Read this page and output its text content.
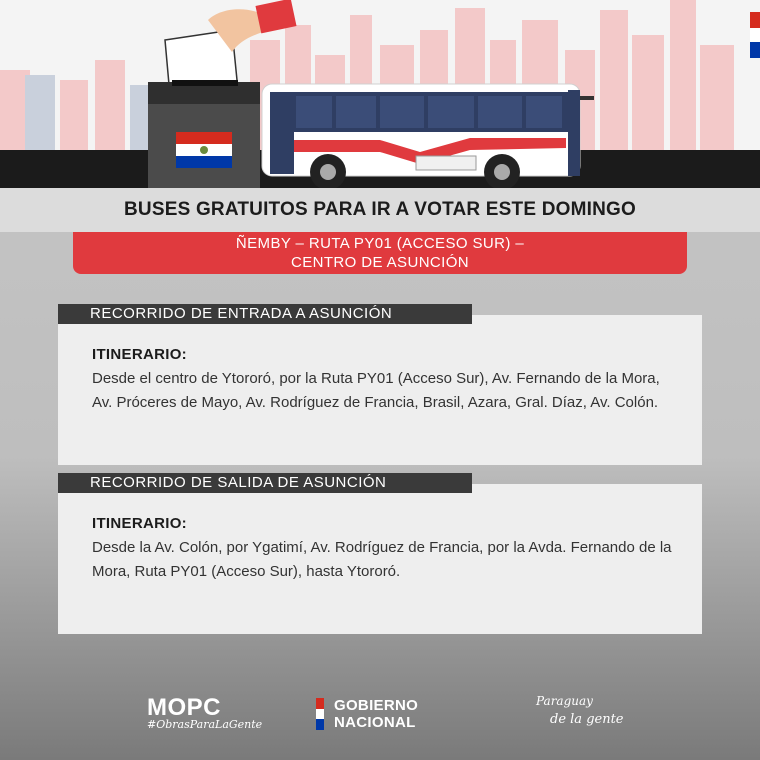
BUSES GRATUITOS PARA IR A VOTAR ESTE DOMINGO
ÑEMBY – RUTA PY01 (ACCESO SUR) –
CENTRO DE ASUNCIÓN
RECORRIDO DE ENTRADA A ASUNCIÓN
ITINERARIO:
Desde el centro de Ytororó, por la Ruta PY01 (Acceso Sur), Av. Fernando de la Mora, Av. Próceres de Mayo, Av. Rodríguez de Francia, Brasil, Azara, Gral. Díaz, Av. Colón.
RECORRIDO DE SALIDA DE ASUNCIÓN
ITINERARIO:
Desde la Av. Colón, por Ygatimí, Av. Rodríguez de Francia, por la Avda. Fernando de la Mora, Ruta PY01 (Acceso Sur), hasta Ytororó.
MOPC
#ObrasParaLaGente
GOBIERNO
NACIONAL
Paraguay
de la gente
